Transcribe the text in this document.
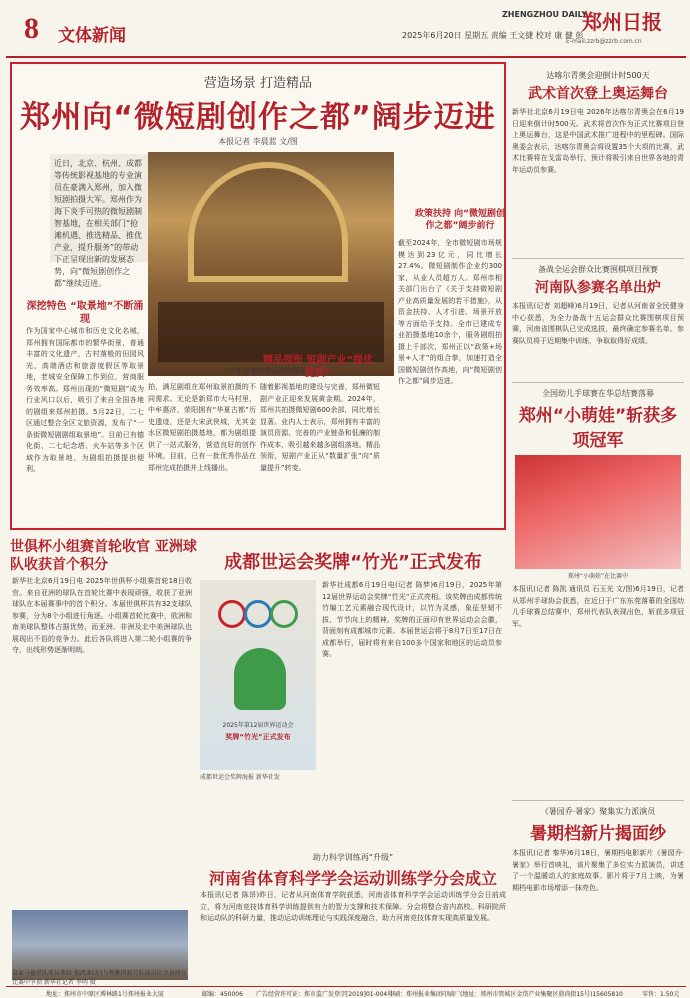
8 文体新闻	2025年6月20日 星期五 责编 王文捷 校对 康 健 彭
ZHENGZHOU DAILY
郑州日报
E-mail:zzrb@zzrb.com.cn
营造场景 打造精品
郑州向“微短剧创作之都”阔步迈进
本报记者 李晨蓝 文/图
近日，北京、杭州、成都等传统影视基地的专业演员在豪满入郑州，加入微短剧拍摄大军。郑州作为海下炎手可热的微短剧制智基地，在相关部门“抢滩机遇、推选精品、推优产业，提升服务”的带动下正呈现出新的发展态势，向“微短剧创作之都”继续迈进。
大志影视基地微短剧拍摄现场
政策扶持 向“微短剧创作之都”阔步前行
深挖特色 “取景地”不断涌现
精品领衔 短剧产业“提优提质”
作为国家中心城市和历史文化名城，郑州拥有国际都市的繁华街景，普通丰富的文化遗产，古村落般的田园风光，高端酒店和旅游度假区等取景地，老城安全保障工作到位，营商服务效率高。郑州出现的“微短剧”成为行业风口以后，吸引了来自全国各地的剧组来郑州拍摄。5月22日，二七区通过整合全区文旅资源，发布了“一条街微短剧剧组取景地”。目前已有德化街、二七纪念塔、火车站等多个区域作为取景地，为剧组拍摄提供便利。
拍，满足剧组在郑州取景拍摄的不同需求。无论是新郑市大马村里，中牟惠济，荥阳拥有“华夏古都”历史遗迹，还是大宋武侠城，尤其金水区微短剧拍摄基地，都为剧组提供了一站式服务，营造良好的创作环境。目前，已有一批优秀作品在郑州完成拍摄并上线播出。
随着影视基地的建设与完善，郑州微短剧产业正迎来发展黄金期。2024年，郑州共拍摄微短剧600余部，同比增长显著。业内人士表示，郑州拥有丰富的演员资源、完善的产业链条和低廉的制作成本，吸引越来越多剧组落地。精品领衔，短剧产业正从“数量扩张”向“质量提升”转变。
截至2024年，全市微短剧市场规模达到23亿元，同比增长27.4%。微短剧制作企业约300家，从业人员超万人。郑州市相关部门出台了《关于支持微短剧产业高质量发展的若干措施》，从资金扶持、人才引进、场景开放等方面给予支持。全市已建成专业拍摄基地10余个，服务剧组拍摄上千部次，郑州正以“政策+场景+人才”的组合拳，加速打造全国微短剧创作高地，向“微短剧创作之都”阔步迈进。
达喀尔青奥会迎倒计时500天
武术首次登上奥运舞台
新华社北京6月19日电 2026年达喀尔青奥会在6月19日迎来倒计时500天。武术将首次作为正式比赛项目登上奥运舞台，这是中国武术推广进程中的里程碑。国际奥委会表示，达喀尔青奥会将设置35个大项的比赛，武术比赛将在戈雷岛举行，预计将吸引来自世界各地的青年运动员参赛。
备战全运会群众比赛围棋项目预赛
河南队参赛名单出炉
本报讯(记者 刘超峰)6月19日，记者从河南省全民健身中心获悉，为全力备战十五运会群众比赛围棋项目预赛，河南省围棋队已完成选拔，最终确定参赛名单。参赛队员将于近期集中训练，争取取得好成绩。
全国幼儿手球赛在华总结赛落幕
郑州“小萌娃”斩获多项冠军
郑州“小萌娃”在比赛中
本报讯(记者 陈凯 通讯员 石玉光 文/图)6月19日，记者从郑州手球协会获悉，在近日于广东东莞落幕的全国幼儿手球赛总结赛中，郑州代表队表现出色，斩获多项冠军。
《暑园乔·暑家》聚集实力派演员
暑期档新片揭面纱
本报讯(记者 秦华)6月18日，暑期档电影新片《暑园乔·暑家》举行首映礼，该片聚集了多位实力派演员，讲述了一个温暖动人的家庭故事。影片将于7月上映，为暑期档电影市场增添一抹亮色。
世俱杯小组赛首轮收官 亚洲球队收获首个积分
新华社北京6月19日电 2025年世俱杯小组赛首轮18日收官。来自亚洲的球队在首轮比赛中表现顽强，收获了亚洲球队在本届赛事中的首个积分。本届世俱杯共有32支球队参赛，分为8个小组进行角逐。小组赛首轮比赛中，欧洲和南美球队整体占据优势，而亚洲、非洲及北中美洲球队也展现出不俗的竞争力。此后各队将进入第二轮小组赛的争夺，出线形势逐渐明朗。
皇家马德里队球员弗拉·加西亚(左)与利雅得新月队球员庆幸表情在比赛中争顶 新华社记者 李明 摄
成都世运会奖牌“竹光”正式发布
2025年第12届世界运动会
奖牌“竹光”正式发布
成都世运会奖牌海报 新华社发
新华社成都6月19日电(记者 陈梦)6月19日，2025年第12届世界运动会奖牌“竹光”正式亮相。该奖牌由成都传统竹编工艺元素融合现代设计，以竹为灵感，象征坚韧不拔、节节向上的精神。奖牌的正面印有世界运动会会徽，背面刻有成都城市元素。本届世运会将于8月7日至17日在成都举行，届时将有来自100多个国家和地区的运动员参赛。
助力科学训练再“升级”
河南省体育科学学会运动训练学分会成立
本报讯(记者 陈昂)昨日，记者从河南体育学院获悉，河南省体育科学学会运动训练学分会日前成立，将为河南竞技体育科学训练提供有力的智力支撑和技术保障。分会将整合省内高校、科研院所和运动队的科研力量，推动运动训练理论与实践深度融合，助力河南竞技体育实现高质量发展。
地址：郑州市中原区博林路1号郑州报业大厦	邮编：450006 广告经营许可证：郑市监广发登字[2019]01-004号
印刷：郑州报业集团印刷厂(地址：郑州市管城区金岱产业集聚区鼎尚街15号)15605810	零售：1.50元
